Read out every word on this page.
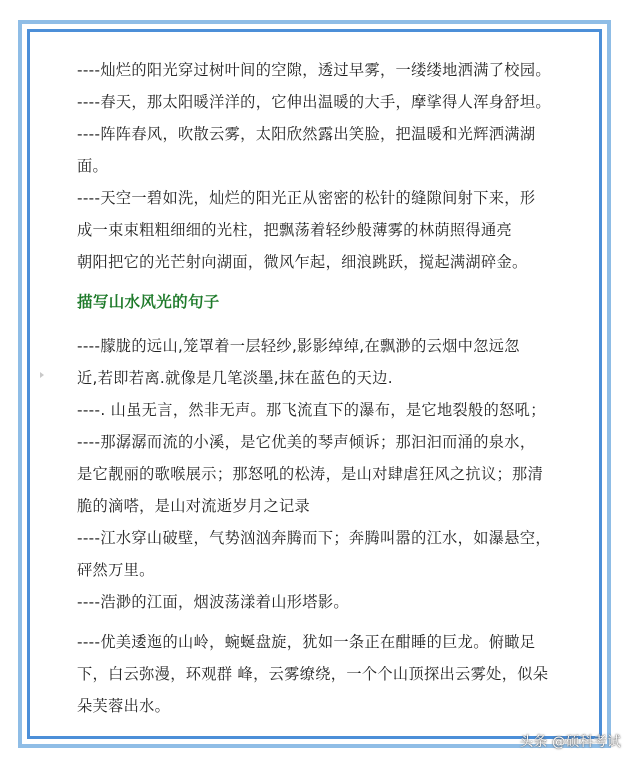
----灿烂的阳光穿过树叶间的空隙，透过早雾，一缕缕地洒满了校园。
----春天，那太阳暖洋洋的，它伸出温暖的大手，摩挲得人浑身舒坦。
----阵阵春风，吹散云雾，太阳欣然露出笑脸，把温暖和光辉洒满湖
面。
----天空一碧如洗，灿烂的阳光正从密密的松针的缝隙间射下来，形
成一束束粗粗细细的光柱，把飘荡着轻纱般薄雾的林荫照得通亮
朝阳把它的光芒射向湖面，微风乍起，细浪跳跃，搅起满湖碎金。
描写山水风光的句子
----朦胧的远山,笼罩着一层轻纱,影影绰绰,在飘渺的云烟中忽远忽
近,若即若离.就像是几笔淡墨,抹在蓝色的天边.
----. 山虽无言，然非无声。那飞流直下的瀑布，是它地裂般的怒吼；
----那潺潺而流的小溪，是它优美的琴声倾诉；那汩汩而涌的泉水，
是它靓丽的歌喉展示；那怒吼的松涛，是山对肆虐狂风之抗议；那清
脆的滴嗒，是山对流逝岁月之记录
----江水穿山破壁，气势汹汹奔腾而下；奔腾叫嚣的江水，如瀑悬空，
砰然万里。
----浩渺的江面，烟波荡漾着山形塔影。
----优美逶迤的山岭，蜿蜒盘旋，犹如一条正在酣睡的巨龙。俯瞰足
下，白云弥漫，环观群 峰，云雾缭绕，一个个山顶探出云雾处，似朵
朵芙蓉出水。
头条 @硕科考试
